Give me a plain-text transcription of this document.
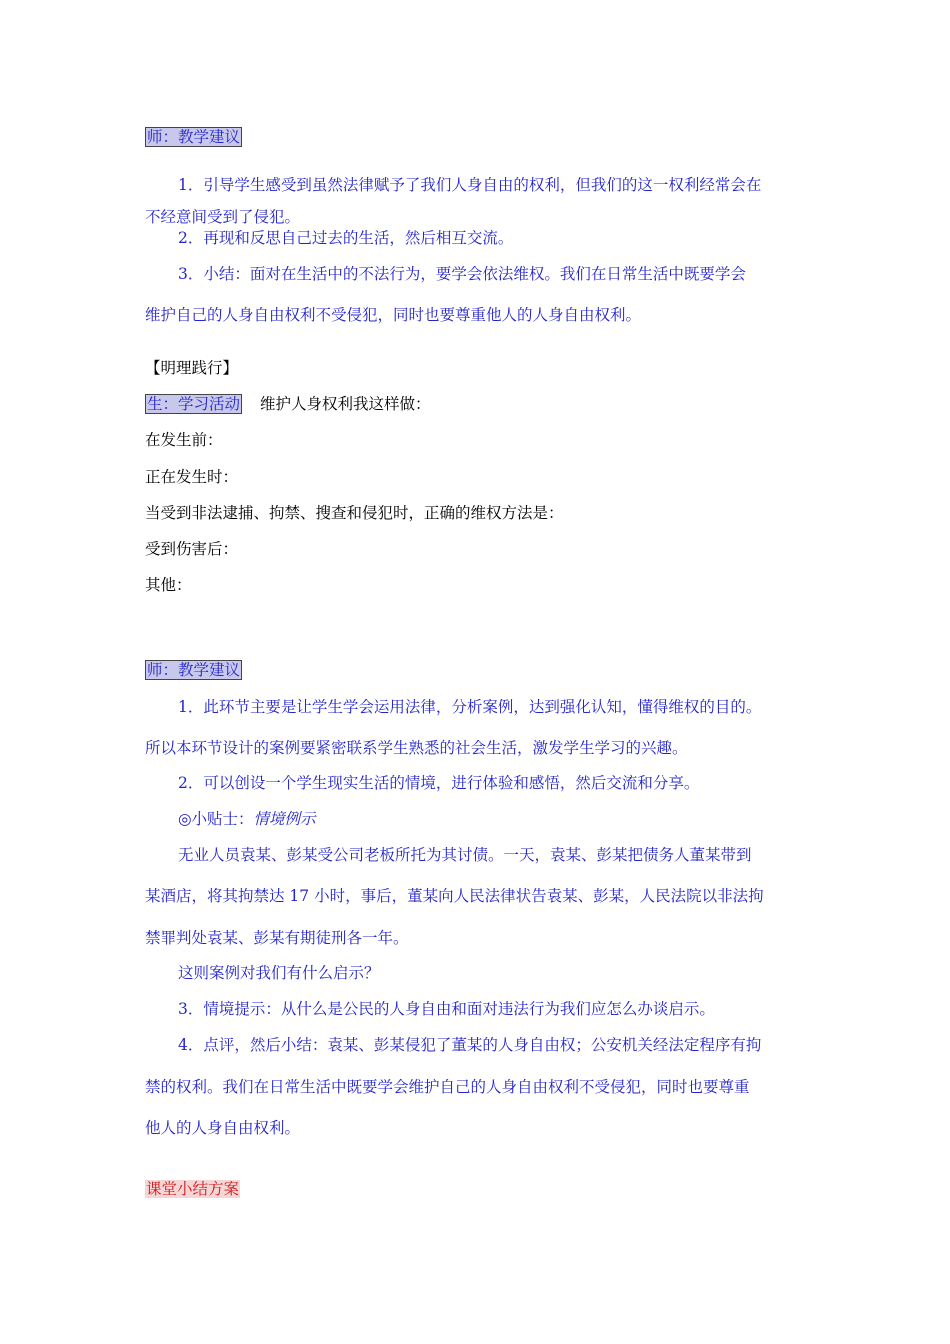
师：教学建议
1．引导学生感受到虽然法律赋予了我们人身自由的权利，但我们的这一权利经常会在
不经意间受到了侵犯。
2．再现和反思自己过去的生活，然后相互交流。
3．小结：面对在生活中的不法行为，要学会依法维权。我们在日常生活中既要学会
维护自己的人身自由权利不受侵犯，同时也要尊重他人的人身自由权利。
【明理践行】
生：学习活动 维护人身权利我这样做：
在发生前：
正在发生时：
当受到非法逮捕、拘禁、搜查和侵犯时，正确的维权方法是：
受到伤害后：
其他：
师：教学建议
1．此环节主要是让学生学会运用法律，分析案例，达到强化认知，懂得维权的目的。
所以本环节设计的案例要紧密联系学生熟悉的社会生活，激发学生学习的兴趣。
2．可以创设一个学生现实生活的情境，进行体验和感悟，然后交流和分享。
◎小贴士：情境例示
无业人员袁某、彭某受公司老板所托为其讨债。一天，袁某、彭某把债务人董某带到
某酒店，将其拘禁达 17 小时，事后，董某向人民法律状告袁某、彭某，人民法院以非法拘
禁罪判处袁某、彭某有期徒刑各一年。
这则案例对我们有什么启示？
3．情境提示：从什么是公民的人身自由和面对违法行为我们应怎么办谈启示。
4．点评，然后小结：袁某、彭某侵犯了董某的人身自由权；公安机关经法定程序有拘
禁的权利。我们在日常生活中既要学会维护自己的人身自由权利不受侵犯，同时也要尊重
他人的人身自由权利。
课堂小结方案
